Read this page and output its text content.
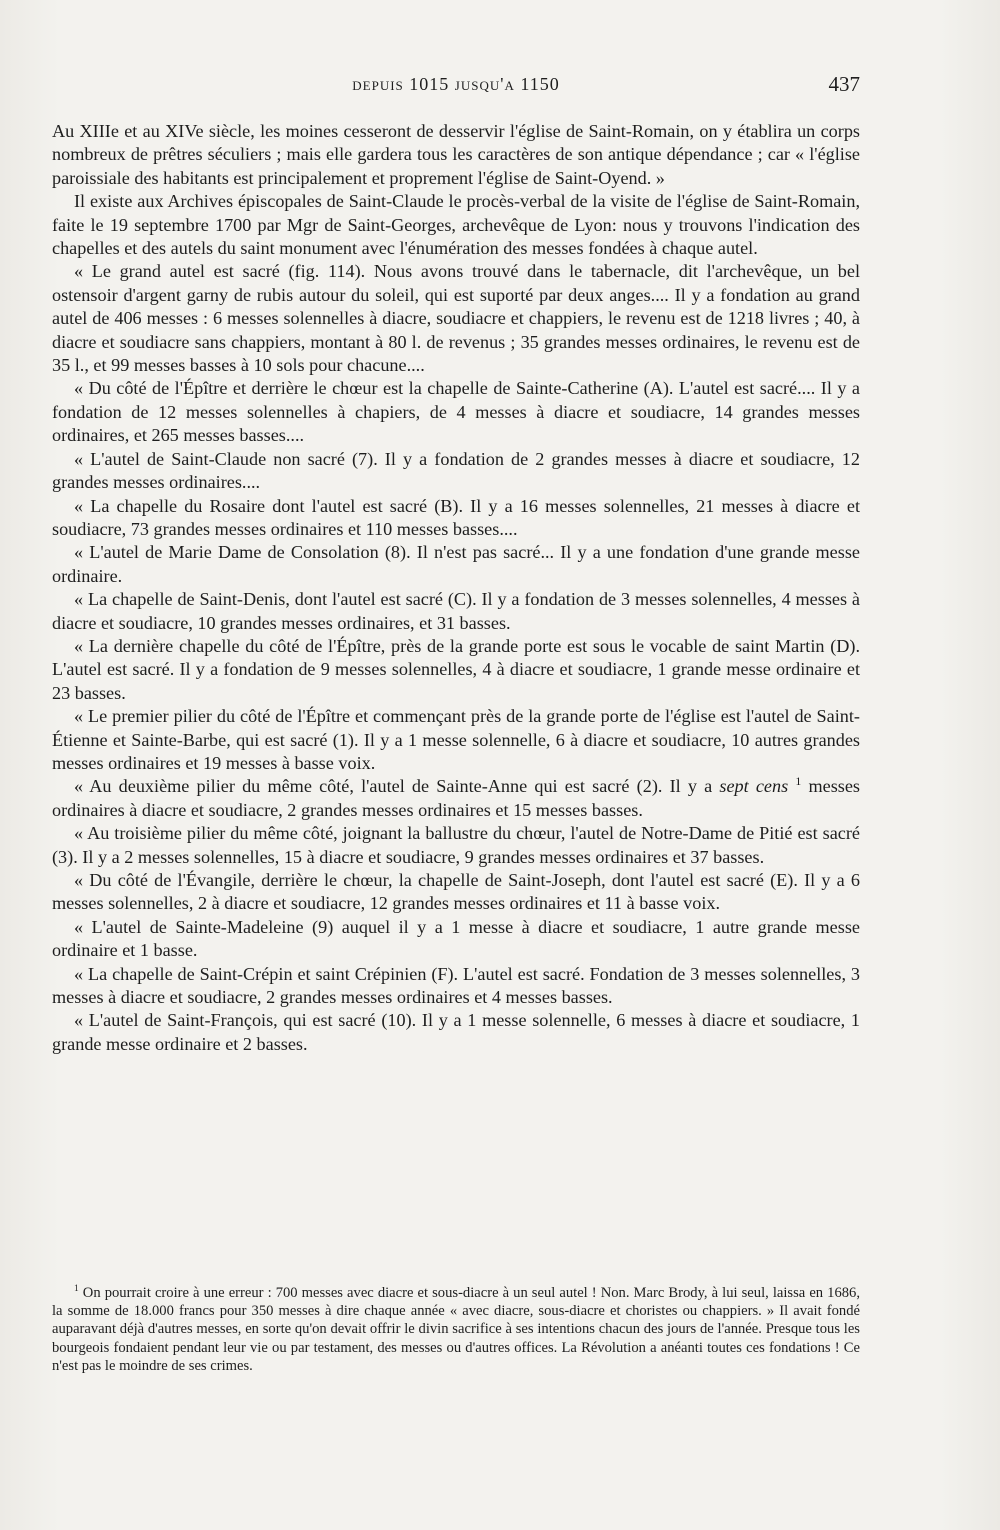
depuis 1015 jusqu'a 1150	437

Au XIIIe et au XIVe siècle, les moines cesseront de desservir l'église de Saint-Romain, on y établira un corps nombreux de prêtres séculiers ; mais elle gardera tous les caractères de son antique dépendance ; car « l'église paroissiale des habitants est principalement et proprement l'église de Saint-Oyend. »

Il existe aux Archives épiscopales de Saint-Claude le procès-verbal de la visite de l'église de Saint-Romain, faite le 19 septembre 1700 par Mgr de Saint-Georges, archevêque de Lyon: nous y trouvons l'indication des chapelles et des autels du saint monument avec l'énumération des messes fondées à chaque autel.

« Le grand autel est sacré (fig. 114). Nous avons trouvé dans le tabernacle, dit l'archevêque, un bel ostensoir d'argent garny de rubis autour du soleil, qui est suporté par deux anges.... Il y a fondation au grand autel de 406 messes : 6 messes solennelles à diacre, soudiacre et chappiers, le revenu est de 1218 livres ; 40, à diacre et soudiacre sans chappiers, montant à 80 l. de revenus ; 35 grandes messes ordinaires, le revenu est de 35 l., et 99 messes basses à 10 sols pour chacune....

« Du côté de l'Épître et derrière le chœur est la chapelle de Sainte-Catherine (A). L'autel est sacré.... Il y a fondation de 12 messes solennelles à chapiers, de 4 messes à diacre et soudiacre, 14 grandes messes ordinaires, et 265 messes basses....

« L'autel de Saint-Claude non sacré (7). Il y a fondation de 2 grandes messes à diacre et soudiacre, 12 grandes messes ordinaires....

« La chapelle du Rosaire dont l'autel est sacré (B). Il y a 16 messes solennelles, 21 messes à diacre et soudiacre, 73 grandes messes ordinaires et 110 messes basses....

« L'autel de Marie Dame de Consolation (8). Il n'est pas sacré... Il y a une fondation d'une grande messe ordinaire.

« La chapelle de Saint-Denis, dont l'autel est sacré (C). Il y a fondation de 3 messes solennelles, 4 messes à diacre et soudiacre, 10 grandes messes ordinaires, et 31 basses.

« La dernière chapelle du côté de l'Épître, près de la grande porte est sous le vocable de saint Martin (D). L'autel est sacré. Il y a fondation de 9 messes solennelles, 4 à diacre et soudiacre, 1 grande messe ordinaire et 23 basses.

« Le premier pilier du côté de l'Épître et commençant près de la grande porte de l'église est l'autel de Saint-Étienne et Sainte-Barbe, qui est sacré (1). Il y a 1 messe solennelle, 6 à diacre et soudiacre, 10 autres grandes messes ordinaires et 19 messes à basse voix.

« Au deuxième pilier du même côté, l'autel de Sainte-Anne qui est sacré (2). Il y a sept cens $^1$ messes ordinaires à diacre et soudiacre, 2 grandes messes ordinaires et 15 messes basses.

« Au troisième pilier du même côté, joignant la ballustre du chœur, l'autel de Notre-Dame de Pitié est sacré (3). Il y a 2 messes solennelles, 15 à diacre et soudiacre, 9 grandes messes ordinaires et 37 basses.

« Du côté de l'Évangile, derrière le chœur, la chapelle de Saint-Joseph, dont l'autel est sacré (E). Il y a 6 messes solennelles, 2 à diacre et soudiacre, 12 grandes messes ordinaires et 11 à basse voix.

« L'autel de Sainte-Madeleine (9) auquel il y a 1 messe à diacre et soudiacre, 1 autre grande messe ordinaire et 1 basse.

« La chapelle de Saint-Crépin et saint Crépinien (F). L'autel est sacré. Fondation de 3 messes solennelles, 3 messes à diacre et soudiacre, 2 grandes messes ordinaires et 4 messes basses.

« L'autel de Saint-François, qui est sacré (10). Il y a 1 messe solennelle, 6 messes à diacre et soudiacre, 1 grande messe ordinaire et 2 basses.

$^1$ On pourrait croire à une erreur : 700 messes avec diacre et sous-diacre à un seul autel ! Non. Marc Brody, à lui seul, laissa en 1686, la somme de 18.000 francs pour 350 messes à dire chaque année « avec diacre, sous-diacre et choristes ou chappiers. » Il avait fondé auparavant déjà d'autres messes, en sorte qu'on devait offrir le divin sacrifice à ses intentions chacun des jours de l'année. Presque tous les bourgeois fondaient pendant leur vie ou par testament, des messes ou d'autres offices. La Révolution a anéanti toutes ces fondations ! Ce n'est pas le moindre de ses crimes.
